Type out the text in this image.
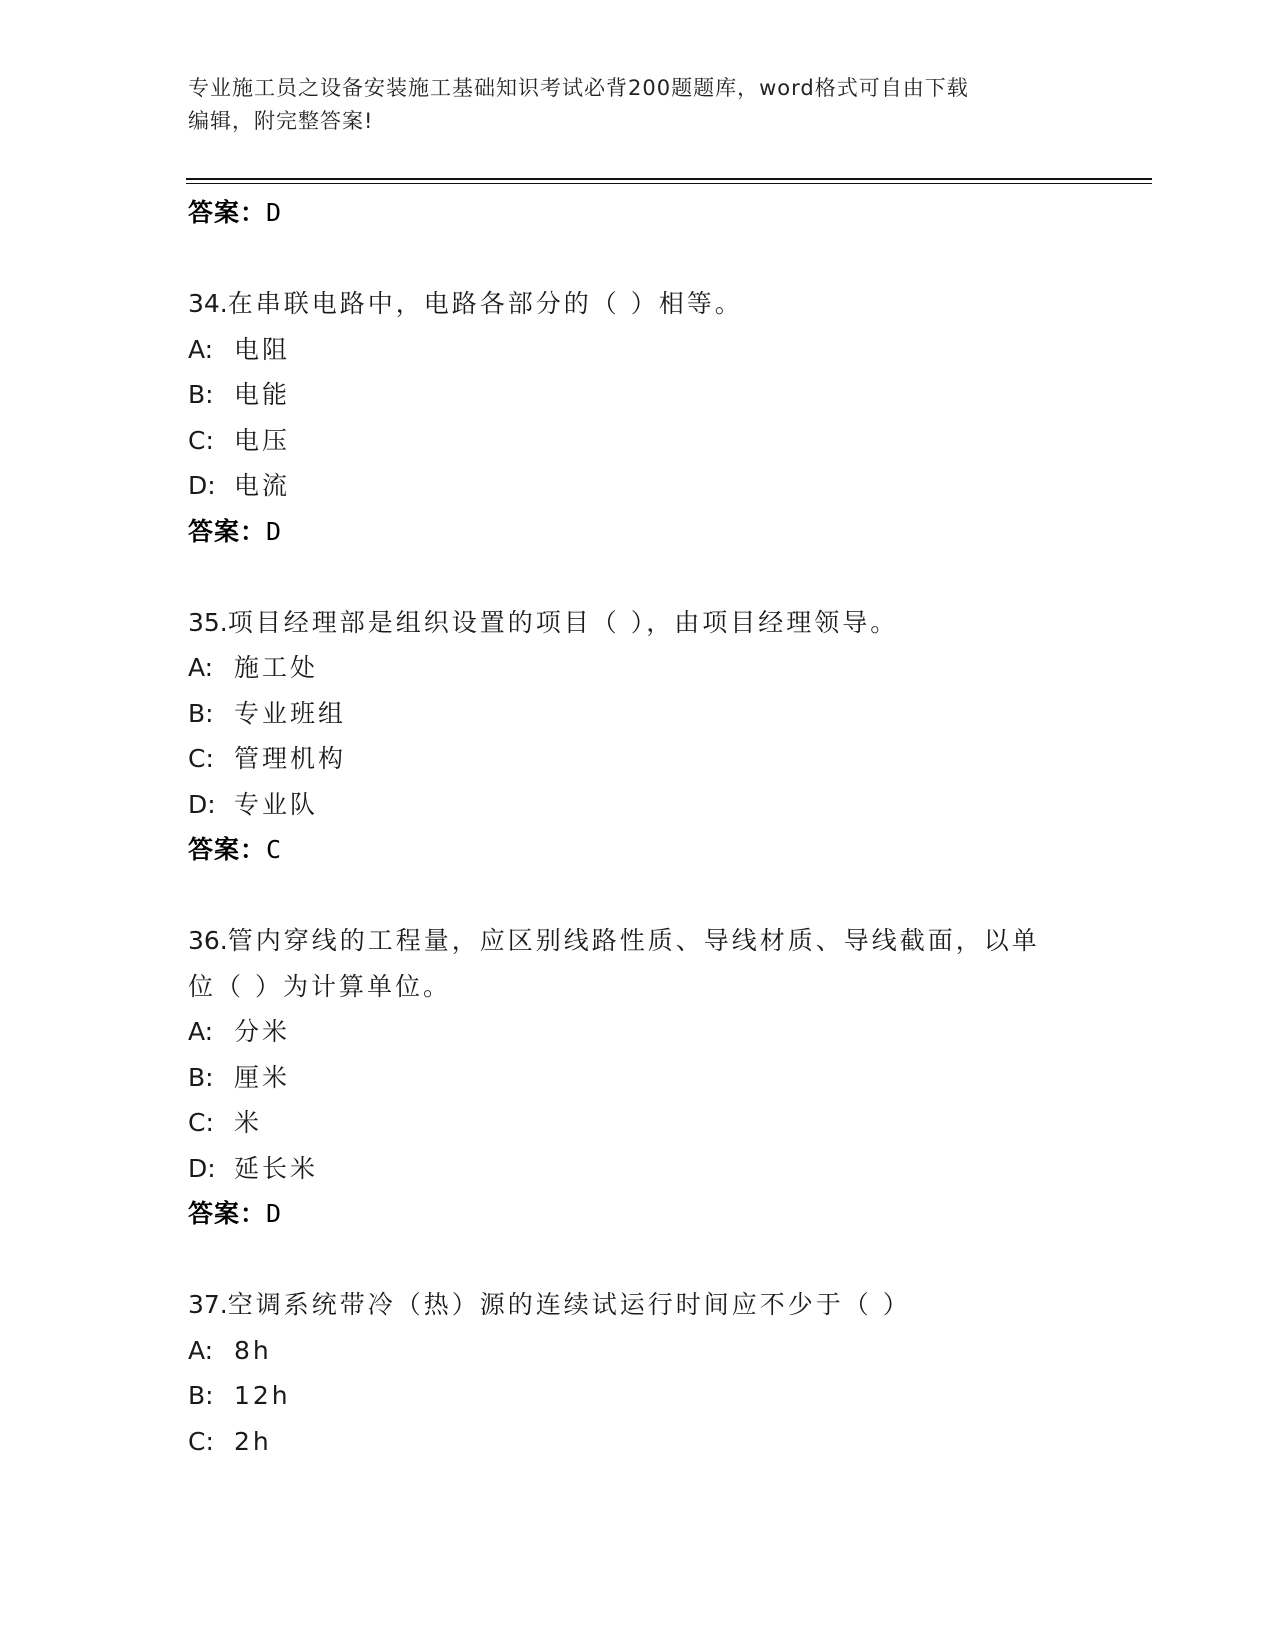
专业施工员之设备安装施工基础知识考试必背200题题库，word格式可自由下载
编辑，附完整答案!
答案：D
34.在串联电路中，电路各部分的（ ）相等。
A: 电阻
B: 电能
C: 电压
D: 电流
答案：D
35.项目经理部是组织设置的项目（ ），由项目经理领导。
A: 施工处
B: 专业班组
C: 管理机构
D: 专业队
答案：C
36.管内穿线的工程量，应区别线路性质、导线材质、导线截面，以单
位（ ）为计算单位。
A: 分米
B: 厘米
C: 米
D: 延长米
答案：D
37.空调系统带冷（热）源的连续试运行时间应不少于（ ）
A: 8h
B: 12h
C: 2h
